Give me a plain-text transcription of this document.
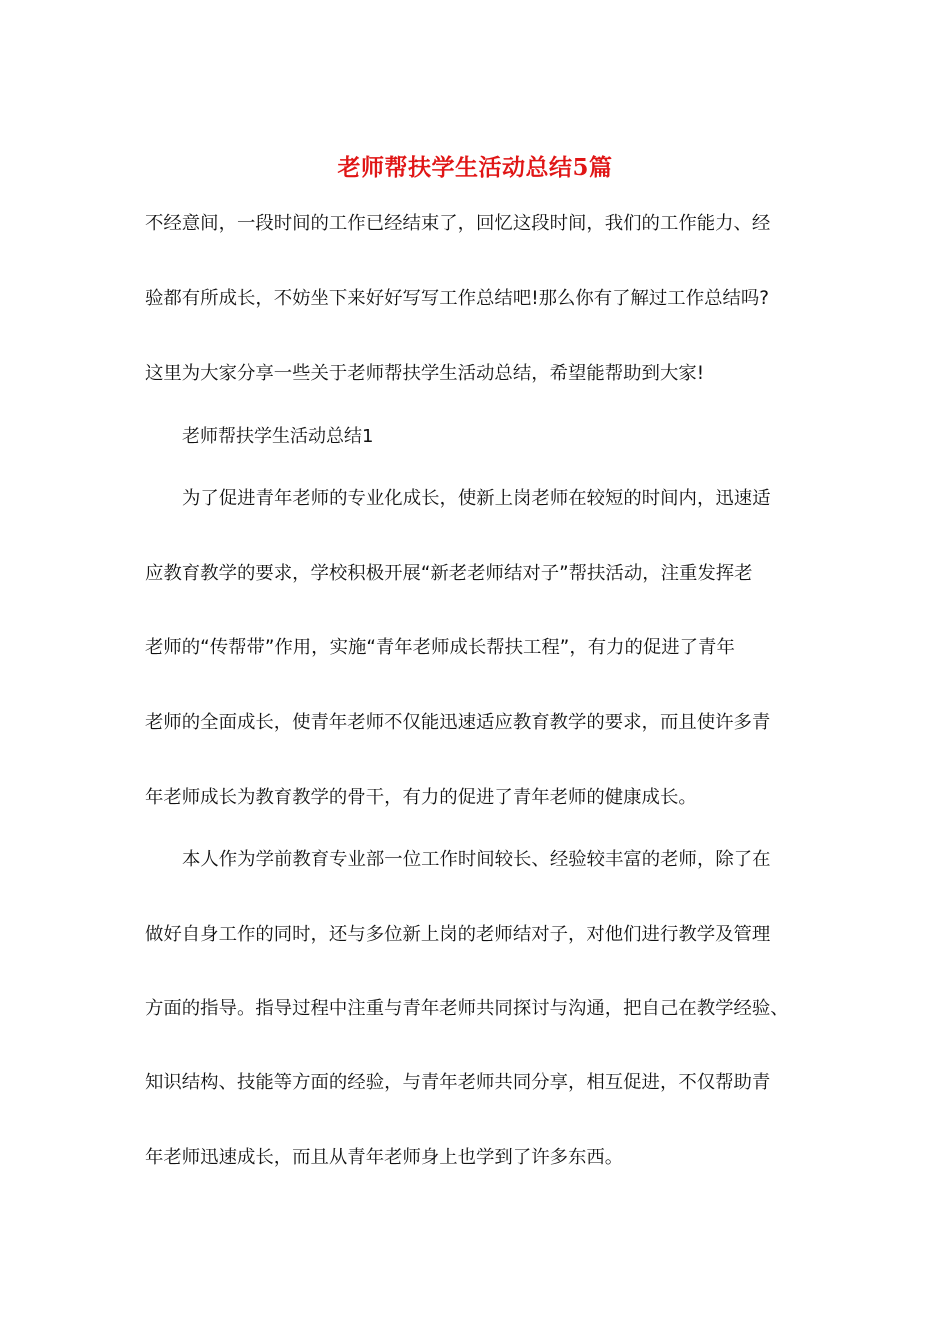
老师帮扶学生活动总结5篇
不经意间，一段时间的工作已经结束了，回忆这段时间，我们的工作能力、经
验都有所成长，不妨坐下来好好写写工作总结吧!那么你有了解过工作总结吗?
这里为大家分享一些关于老师帮扶学生活动总结，希望能帮助到大家!
老师帮扶学生活动总结1
为了促进青年老师的专业化成长，使新上岗老师在较短的时间内，迅速适
应教育教学的要求，学校积极开展“新老老师结对子”帮扶活动，注重发挥老
老师的“传帮带”作用，实施“青年老师成长帮扶工程”，有力的促进了青年
老师的全面成长，使青年老师不仅能迅速适应教育教学的要求，而且使许多青
年老师成长为教育教学的骨干，有力的促进了青年老师的健康成长。
本人作为学前教育专业部一位工作时间较长、经验较丰富的老师，除了在
做好自身工作的同时，还与多位新上岗的老师结对子，对他们进行教学及管理
方面的指导。指导过程中注重与青年老师共同探讨与沟通，把自己在教学经验、
知识结构、技能等方面的经验，与青年老师共同分享，相互促进，不仅帮助青
年老师迅速成长，而且从青年老师身上也学到了许多东西。
